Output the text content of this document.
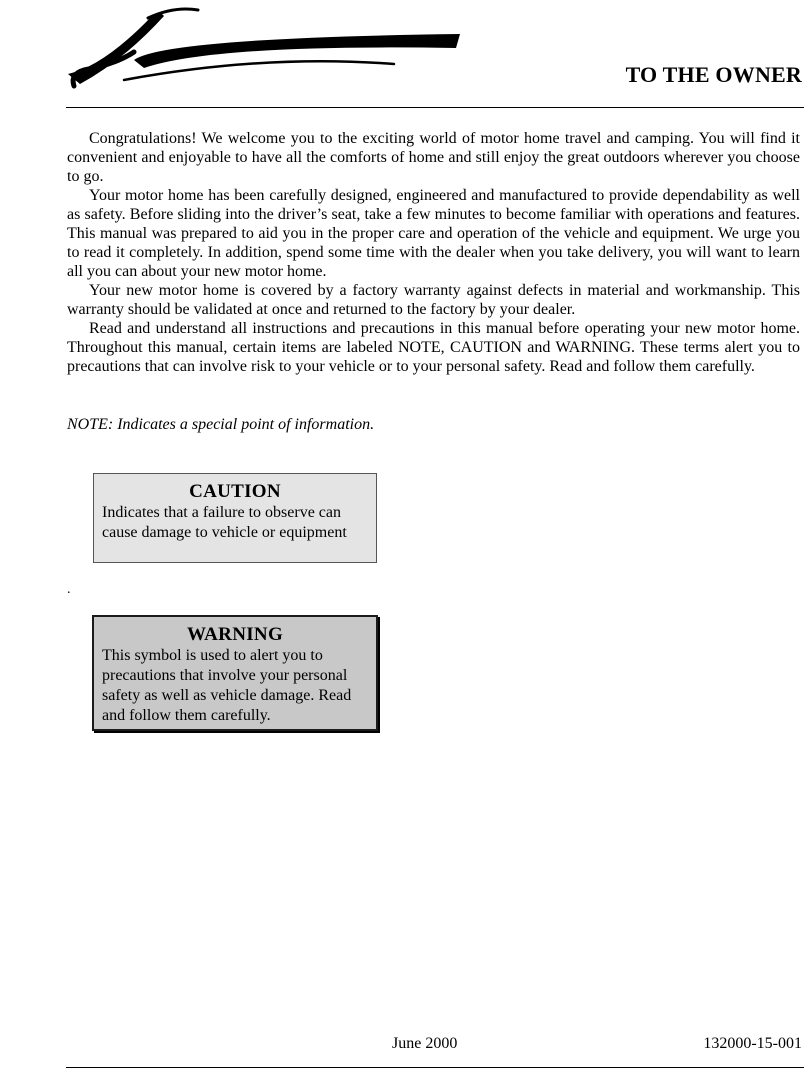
TO THE OWNER

Congratulations! We welcome you to the exciting world of motor home travel and camping. You will find it convenient and enjoyable to have all the comforts of home and still enjoy the great outdoors wherever you choose to go.

Your motor home has been carefully designed, engineered and manufactured to provide dependability as well as safety. Before sliding into the driver’s seat, take a few minutes to become familiar with operations and features. This manual was prepared to aid you in the proper care and operation of the vehicle and equipment. We urge you to read it completely. In addition, spend some time with the dealer when you take delivery, you will want to learn all you can about your new motor home.

Your new motor home is covered by a factory warranty against defects in material and workmanship. This warranty should be validated at once and returned to the factory by your dealer.

Read and understand all instructions and precautions in this manual before operating your new motor home. Throughout this manual, certain items are labeled NOTE, CAUTION and WARNING. These terms alert you to precautions that can involve risk to your vehicle or to your personal safety. Read and follow them carefully.

NOTE: Indicates a special point of information.
CAUTION
Indicates that a failure to observe can cause damage to vehicle or equipment
.
WARNING
This symbol is used to alert you to precautions that involve your personal safety as well as vehicle damage. Read and follow them carefully.
June 2000	132000-15-001
